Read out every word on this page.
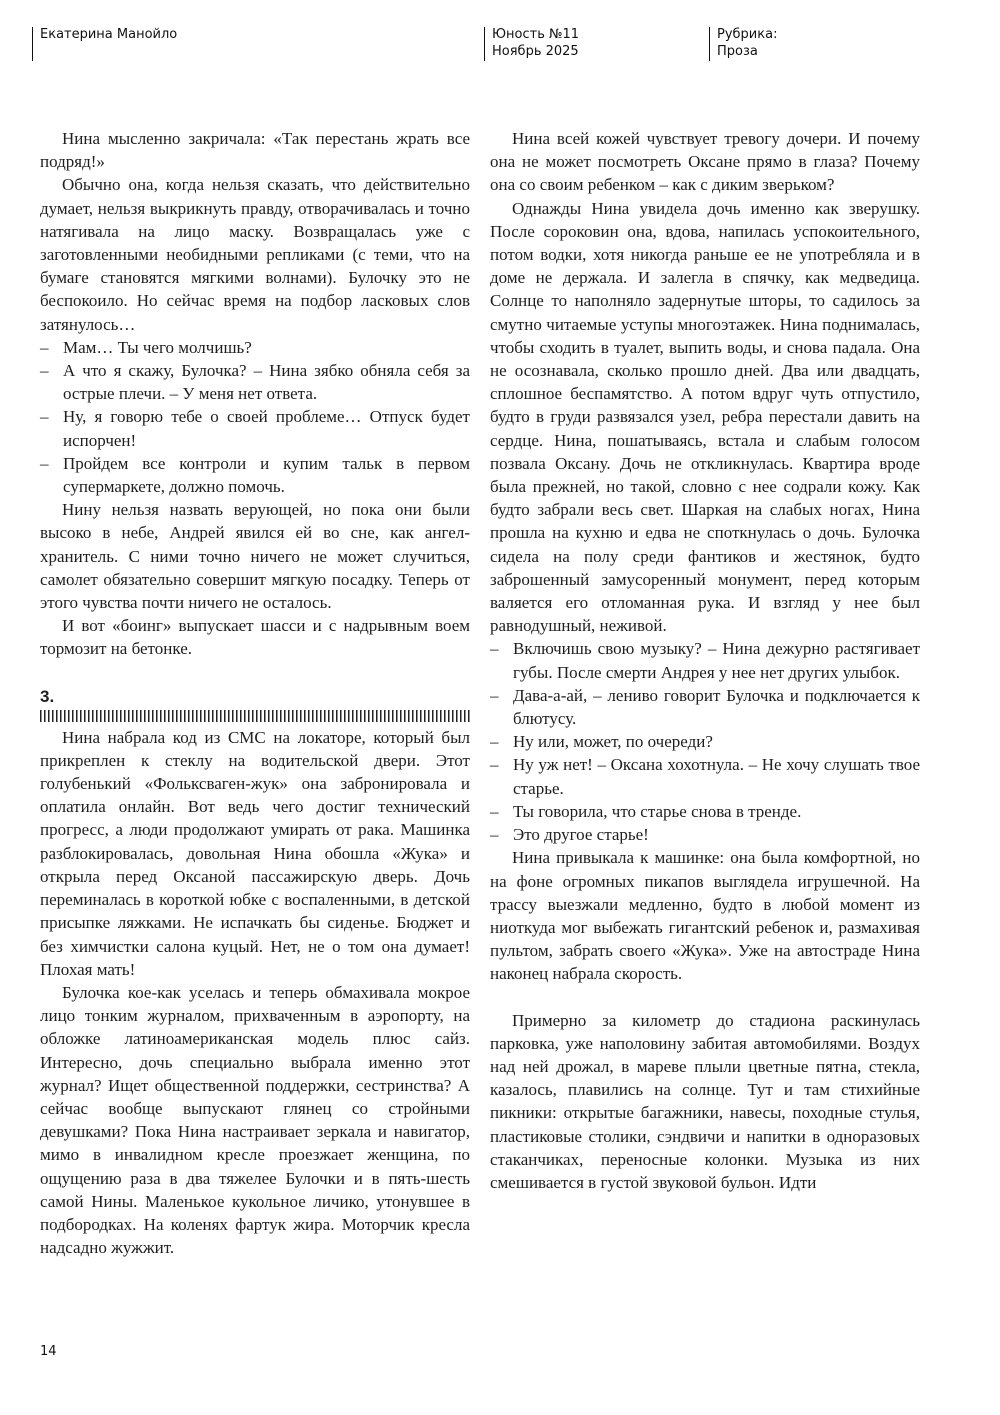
Екатерина Манойло	Юность №11
Ноябрь 2025
Рубрика:
Проза
Нина мысленно закричала: «Так перестань жрать все подряд!»
Обычно она, когда нельзя сказать, что действительно думает, нельзя выкрикнуть правду, отворачивалась и точно натягивала на лицо маску. Возвращалась уже с заготовленными необидными репликами (с теми, что на бумаге становятся мягкими волнами). Булочку это не беспокоило. Но сейчас время на подбор ласковых слов затянулось…
– Мам… Ты чего молчишь?
– А что я скажу, Булочка? – Нина зябко обняла себя за острые плечи. – У меня нет ответа.
– Ну, я говорю тебе о своей проблеме… Отпуск будет испорчен!
– Пройдем все контроли и купим тальк в первом супермаркете, должно помочь.
Нину нельзя назвать верующей, но пока они были высоко в небе, Андрей явился ей во сне, как ангел-хранитель. С ними точно ничего не может случиться, самолет обязательно совершит мягкую посадку. Теперь от этого чувства почти ничего не осталось.
И вот «боинг» выпускает шасси и с надрывным воем тормозит на бетонке.
3.
Нина набрала код из СМС на локаторе, который был прикреплен к стеклу на водительской двери. Этот голубенький «Фольксваген-жук» она забронировала и оплатила онлайн. Вот ведь чего достиг технический прогресс, а люди продолжают умирать от рака. Машинка разблокировалась, довольная Нина обошла «Жука» и открыла перед Оксаной пассажирскую дверь. Дочь переминалась в короткой юбке с воспаленными, в детской присыпке ляжками. Не испачкать бы сиденье. Бюджет и без химчистки салона куцый. Нет, не о том она думает! Плохая мать!
Булочка кое-как уселась и теперь обмахивала мокрое лицо тонким журналом, прихваченным в аэропорту, на обложке латиноамериканская модель плюс сайз. Интересно, дочь специально выбрала именно этот журнал? Ищет общественной поддержки, сестринства? А сейчас вообще выпускают глянец со стройными девушками? Пока Нина настраивает зеркала и навигатор, мимо в инвалидном кресле проезжает женщина, по ощущению раза в два тяжелее Булочки и в пять-шесть самой Нины. Маленькое кукольное личико, утонувшее в подбородках. На коленях фартук жира. Моторчик кресла надсадно жужжит.
Нина всей кожей чувствует тревогу дочери. И почему она не может посмотреть Оксане прямо в глаза? Почему она со своим ребенком – как с диким зверьком?
Однажды Нина увидела дочь именно как зверушку. После сороковин она, вдова, напилась успокоительного, потом водки, хотя никогда раньше ее не употребляла и в доме не держала. И залегла в спячку, как медведица. Солнце то наполняло задернутые шторы, то садилось за смутно читаемые уступы многоэтажек. Нина поднималась, чтобы сходить в туалет, выпить воды, и снова падала. Она не осознавала, сколько прошло дней. Два или двадцать, сплошное беспамятство. А потом вдруг чуть отпустило, будто в груди развязался узел, ребра перестали давить на сердце. Нина, пошатываясь, встала и слабым голосом позвала Оксану. Дочь не откликнулась. Квартира вроде была прежней, но такой, словно с нее содрали кожу. Как будто забрали весь свет. Шаркая на слабых ногах, Нина прошла на кухню и едва не споткнулась о дочь. Булочка сидела на полу среди фантиков и жестянок, будто заброшенный замусоренный монумент, перед которым валяется его отломанная рука. И взгляд у нее был равнодушный, неживой.
– Включишь свою музыку? – Нина дежурно растягивает губы. После смерти Андрея у нее нет других улыбок.
– Дава-а-ай, – лениво говорит Булочка и подключается к блютусу.
– Ну или, может, по очереди?
– Ну уж нет! – Оксана хохотнула. – Не хочу слушать твое старье.
– Ты говорила, что старье снова в тренде.
– Это другое старье!
Нина привыкала к машинке: она была комфортной, но на фоне огромных пикапов выглядела игрушечной. На трассу выезжали медленно, будто в любой момент из ниоткуда мог выбежать гигантский ребенок и, размахивая пультом, забрать своего «Жука». Уже на автостраде Нина наконец набрала скорость.
Примерно за километр до стадиона раскинулась парковка, уже наполовину забитая автомобилями. Воздух над ней дрожал, в мареве плыли цветные пятна, стекла, казалось, плавились на солнце. Тут и там стихийные пикники: открытые багажники, навесы, походные стулья, пластиковые столики, сэндвичи и напитки в одноразовых стаканчиках, переносные колонки. Музыка из них смешивается в густой звуковой бульон. Идти
14
